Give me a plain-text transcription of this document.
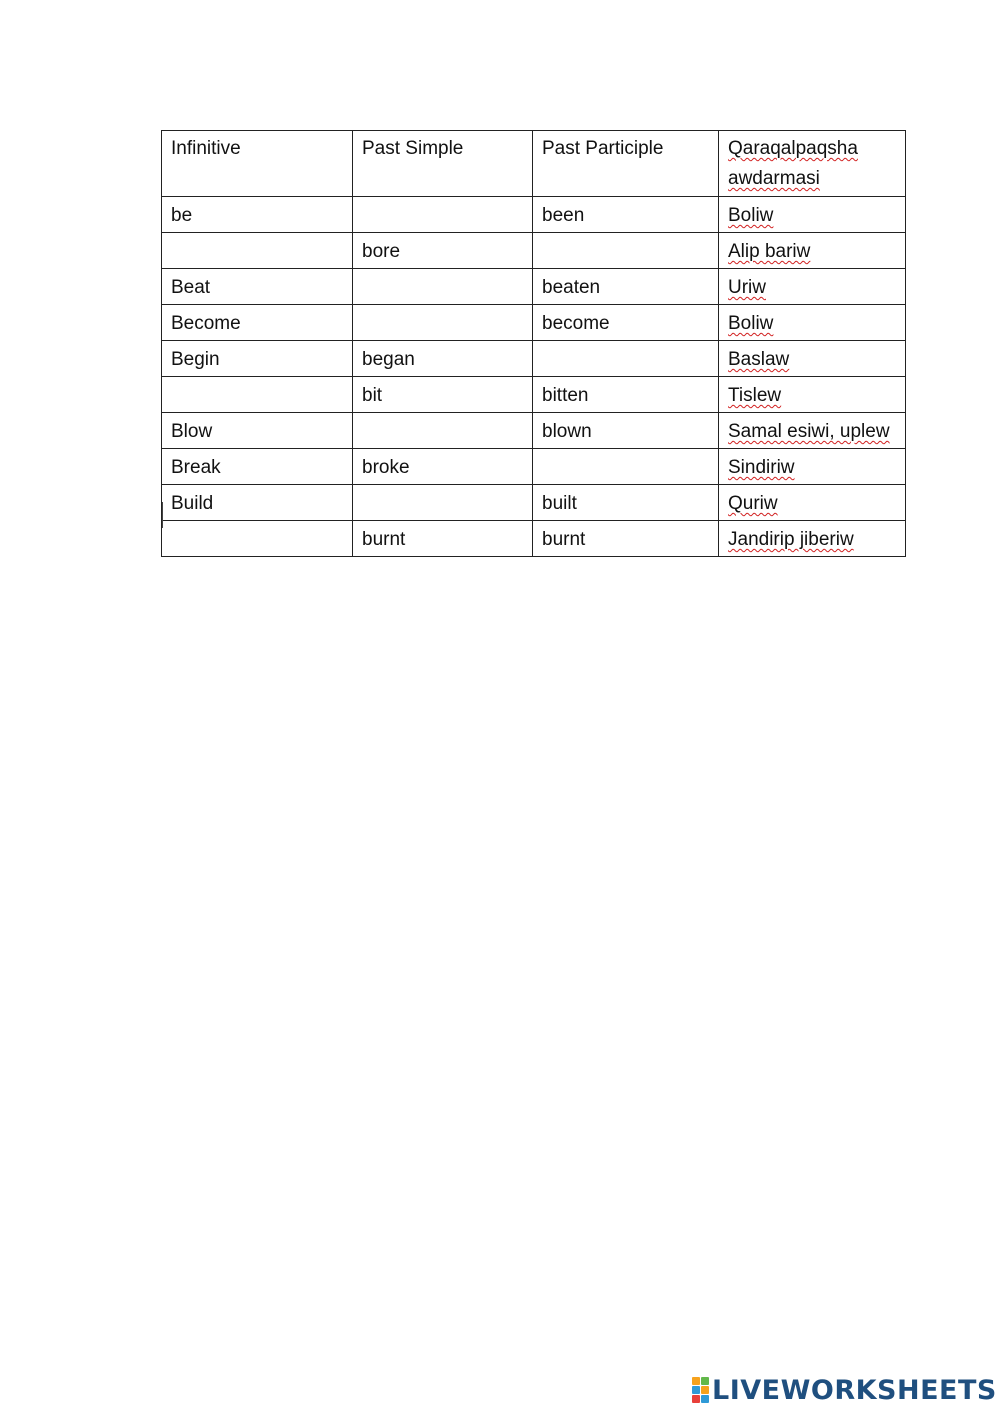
Infinitive	Past Simple	Past Participle	Qaraqalpaqsha awdarmasi
be		been	Boliw
	bore		Alip bariw
Beat		beaten	Uriw
Become		become	Boliw
Begin	began		Baslaw
	bit	bitten	Tislew
Blow		blown	Samal esiwi, uplew
Break	broke		Sindiriw
Build		built	Quriw
	burnt	burnt	Jandirip jiberiw
LIVEWORKSHEETS
